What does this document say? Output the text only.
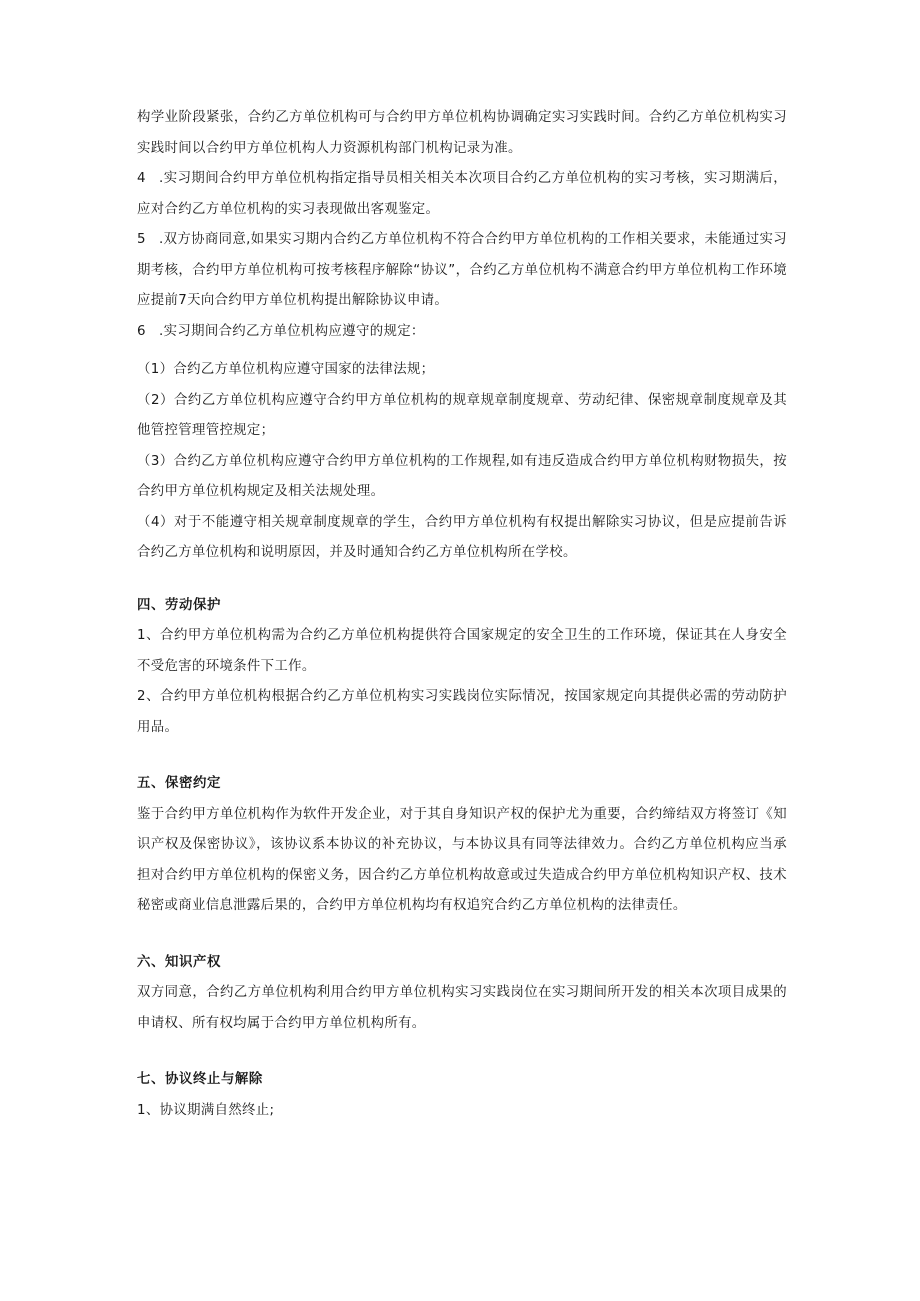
构学业阶段紧张，合约乙方单位机构可与合约甲方单位机构协调确定实习实践时间。合约乙方单位机构实习实践时间以合约甲方单位机构人力资源机构部门机构记录为准。

4 .实习期间合约甲方单位机构指定指导员相关相关本次项目合约乙方单位机构的实习考核，实习期满后，应对合约乙方单位机构的实习表现做出客观鉴定。

5 .双方协商同意,如果实习期内合约乙方单位机构不符合合约甲方单位机构的工作相关要求，未能通过实习期考核，合约甲方单位机构可按考核程序解除“协议”，合约乙方单位机构不满意合约甲方单位机构工作环境应提前7天向合约甲方单位机构提出解除协议申请。

6 .实习期间合约乙方单位机构应遵守的规定：

（1）合约乙方单位机构应遵守国家的法律法规；

（2）合约乙方单位机构应遵守合约甲方单位机构的规章规章制度规章、劳动纪律、保密规章制度规章及其他管控管理管控规定；

（3）合约乙方单位机构应遵守合约甲方单位机构的工作规程,如有违反造成合约甲方单位机构财物损失，按合约甲方单位机构规定及相关法规处理。

（4）对于不能遵守相关规章制度规章的学生，合约甲方单位机构有权提出解除实习协议，但是应提前告诉合约乙方单位机构和说明原因，并及时通知合约乙方单位机构所在学校。

四、劳动保护

1、合约甲方单位机构需为合约乙方单位机构提供符合国家规定的安全卫生的工作环境，保证其在人身安全不受危害的环境条件下工作。

2、合约甲方单位机构根据合约乙方单位机构实习实践岗位实际情况，按国家规定向其提供必需的劳动防护用品。

五、保密约定

鉴于合约甲方单位机构作为软件开发企业，对于其自身知识产权的保护尤为重要，合约缔结双方将签订《知识产权及保密协议》，该协议系本协议的补充协议，与本协议具有同等法律效力。合约乙方单位机构应当承担对合约甲方单位机构的保密义务，因合约乙方单位机构故意或过失造成合约甲方单位机构知识产权、技术秘密或商业信息泄露后果的，合约甲方单位机构均有权追究合约乙方单位机构的法律责任。

六、知识产权

双方同意，合约乙方单位机构利用合约甲方单位机构实习实践岗位在实习期间所开发的相关本次项目成果的申请权、所有权均属于合约甲方单位机构所有。

七、协议终止与解除

1、协议期满自然终止;
